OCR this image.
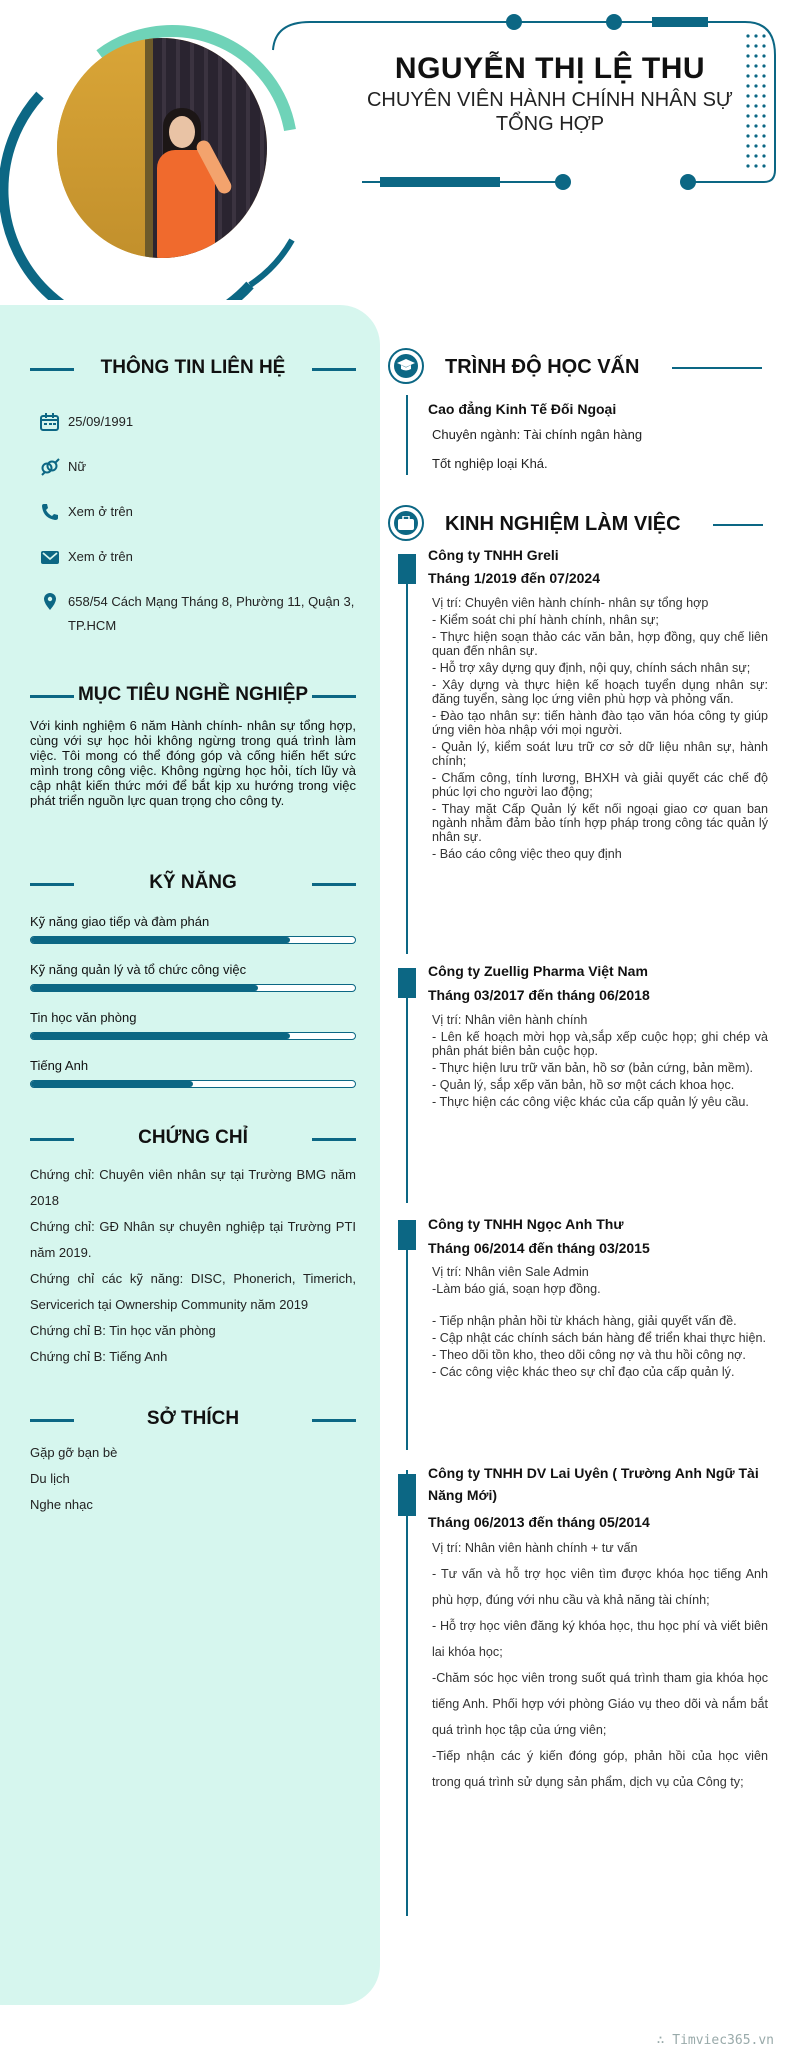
NGUYỄN THỊ LỆ THU
CHUYÊN VIÊN HÀNH CHÍNH NHÂN SỰ TỔNG HỢP
THÔNG TIN LIÊN HỆ
25/09/1991
Nữ
Xem ở trên
Xem ở trên
658/54 Cách Mạng Tháng 8, Phường 11, Quận 3, TP.HCM
MỤC TIÊU NGHỀ NGHIỆP
Với kinh nghiệm 6 năm Hành chính- nhân sự tổng hợp, cùng với sự học hỏi không ngừng trong quá trình làm việc. Tôi mong có thể đóng góp và cống hiến hết sức mình trong công việc. Không ngừng học hỏi, tích lũy và cập nhật kiến thức mới để bắt kịp xu hướng trong việc phát triển nguồn lực quan trọng cho công ty.
KỸ NĂNG
Kỹ năng giao tiếp và đàm phán
Kỹ năng quản lý và tổ chức công việc
Tin học văn phòng
Tiếng Anh
CHỨNG CHỈ
Chứng chỉ: Chuyên viên nhân sự tại Trường BMG năm 2018
Chứng chỉ: GĐ Nhân sự chuyên nghiệp tại Trường PTI năm 2019.
Chứng chỉ các kỹ năng: DISC, Phonerich, Timerich, Servicerich tại Ownership Community năm 2019
Chứng chỉ B: Tin học văn phòng
Chứng chỉ B: Tiếng Anh
SỞ THÍCH
Gặp gỡ bạn bè
Du lịch
Nghe nhạc
TRÌNH ĐỘ HỌC VẤN
Cao đẳng Kinh Tế Đối Ngoại
Chuyên ngành: Tài chính ngân hàng
Tốt nghiệp loại Khá.
KINH NGHIỆM LÀM VIỆC
Công ty TNHH Greli
Tháng 1/2019 đến 07/2024
Vị trí: Chuyên viên hành chính- nhân sự tổng hợp
- Kiểm soát chi phí hành chính, nhân sự;
- Thực hiện soạn thảo các văn bản, hợp đồng, quy chế liên quan đến nhân sự.
- Hỗ trợ xây dựng quy định, nội quy, chính sách nhân sự;
- Xây dựng và thực hiện kế hoạch tuyển dụng nhân sự: đăng tuyển, sàng lọc ứng viên phù hợp và phỏng vấn.
- Đào tạo nhân sự: tiến hành đào tạo văn hóa công ty giúp ứng viên hòa nhập với mọi người.
- Quản lý, kiểm soát lưu trữ cơ sở dữ liệu nhân sự, hành chính;
- Chấm công, tính lương, BHXH và giải quyết các chế độ phúc lợi cho người lao động;
- Thay mặt Cấp Quản lý kết nối ngoại giao cơ quan ban ngành nhằm đảm bảo tính hợp pháp trong công tác quản lý nhân sự.
- Báo cáo công việc theo quy định
Công ty Zuellig Pharma Việt Nam
Tháng 03/2017 đến tháng 06/2018
Vị trí: Nhân viên hành chính
- Lên kế hoạch mời họp và,sắp xếp cuộc họp; ghi chép và phân phát biên bản cuộc họp.
- Thực hiện lưu trữ văn bản, hồ sơ (bản cứng, bản mềm).
- Quản lý, sắp xếp văn bản, hồ sơ một cách khoa học.
- Thực hiện các công việc khác của cấp quản lý yêu cầu.
Công ty TNHH Ngọc Anh Thư
Tháng 06/2014 đến tháng 03/2015
Vị trí: Nhân viên Sale Admin
-Làm báo giá, soạn hợp đồng.
- Tiếp nhận phản hồi từ khách hàng, giải quyết vấn đề.
- Cập nhật các chính sách bán hàng để triển khai thực hiện.
- Theo dõi tồn kho, theo dõi công nợ và thu hồi công nợ.
- Các công việc khác theo sự chỉ đạo của cấp quản lý.
Công ty TNHH DV Lai Uyên ( Trường Anh Ngữ Tài Năng Mới)
Tháng 06/2013 đến tháng 05/2014
Vị trí: Nhân viên hành chính + tư vấn
- Tư vấn và hỗ trợ học viên tìm được khóa học tiếng Anh phù hợp, đúng với nhu cầu và khả năng tài chính;
- Hỗ trợ học viên đăng ký khóa học, thu học phí và viết biên lai khóa học;
-Chăm sóc học viên trong suốt quá trình tham gia khóa học tiếng Anh. Phối hợp với phòng Giáo vụ theo dõi và nắm bắt quá trình học tập của ứng viên;
-Tiếp nhận các ý kiến đóng góp, phản hồi của học viên trong quá trình sử dụng sản phẩm, dịch vụ của Công ty;
∴ Timviec365.vn
